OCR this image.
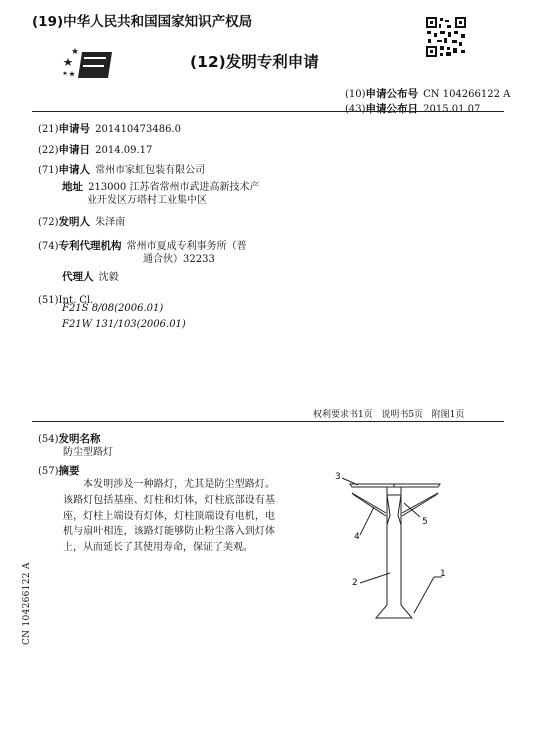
(19)中华人民共和国国家知识产权局
(12)发明专利申请
(10)申请公布号 CN 104266122 A
(43)申请公布日 2015.01.07
(21)申请号 201410473486.0
(22)申请日 2014.09.17
(71)申请人 常州市家虹包装有限公司
地址 213000 江苏省常州市武进高新技术产
业开发区万塔村工业集中区
(72)发明人 朱泽南
(74)专利代理机构 常州市夏成专利事务所（普
通合伙）32233
代理人 沈毅
(51)Int. Cl.
F21S 8/08(2006.01)
F21W 131/103(2006.01)
权利要求书1页 说明书5页 附图1页
(54)发明名称
防尘型路灯
(57)摘要

本发明涉及一种路灯，尤其是防尘型路灯。该路灯包括基座、灯柱和灯体，灯柱底部设有基座，灯柱上端设有灯体，灯柱顶端设有电机，电机与扇叶相连，该路灯能够防止粉尘落入到灯体上，从而延长了其使用寿命，保证了美观。

1
2
3
4
5
CN 104266122 A
